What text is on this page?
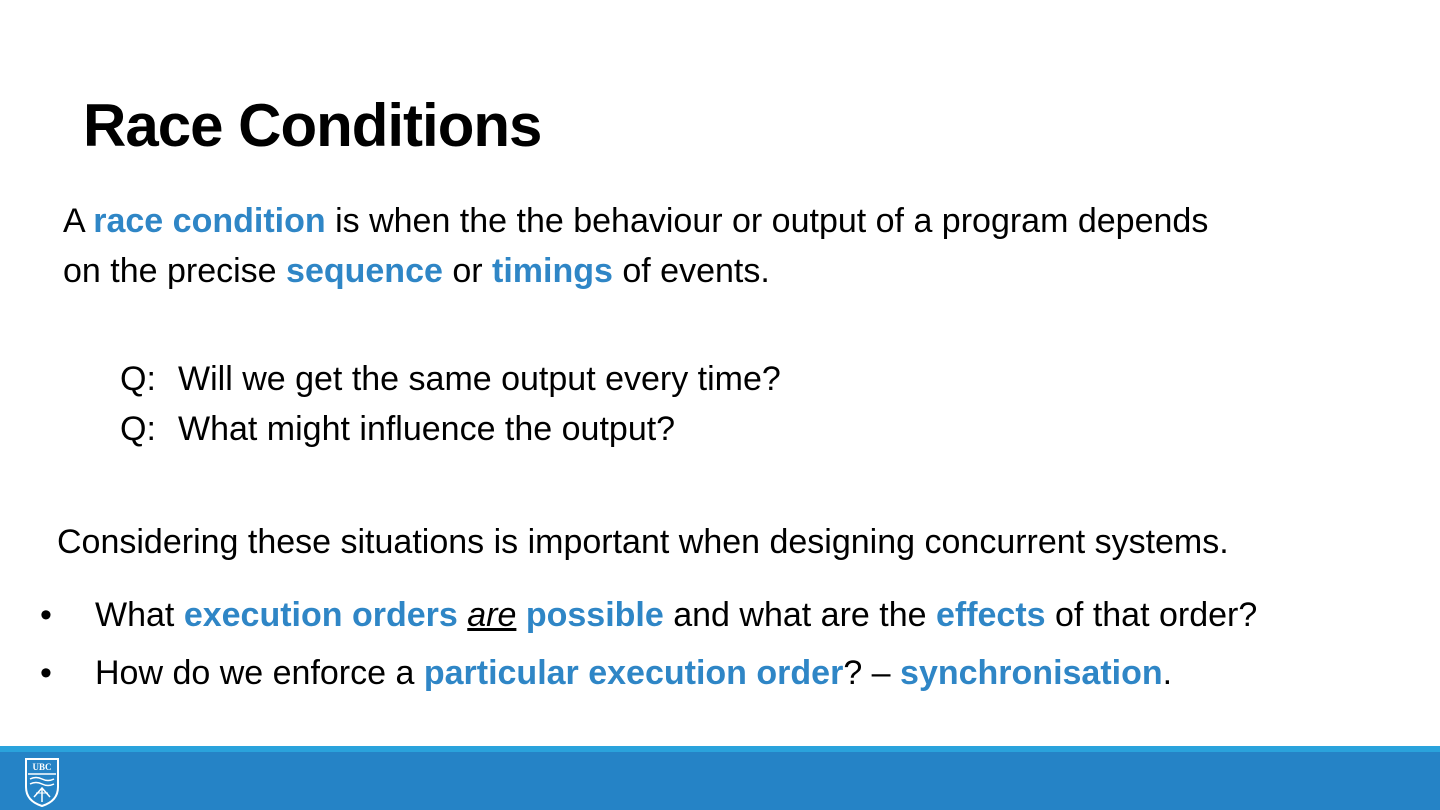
Race Conditions
A race condition is when the the behaviour or output of a program depends
on the precise sequence or timings of events.
Q: Will we get the same output every time?
Q: What might influence the output?
Considering these situations is important when designing concurrent systems.
• What execution orders are possible and what are the effects of that order?
• How do we enforce a particular execution order? – synchronisation.
UBC
